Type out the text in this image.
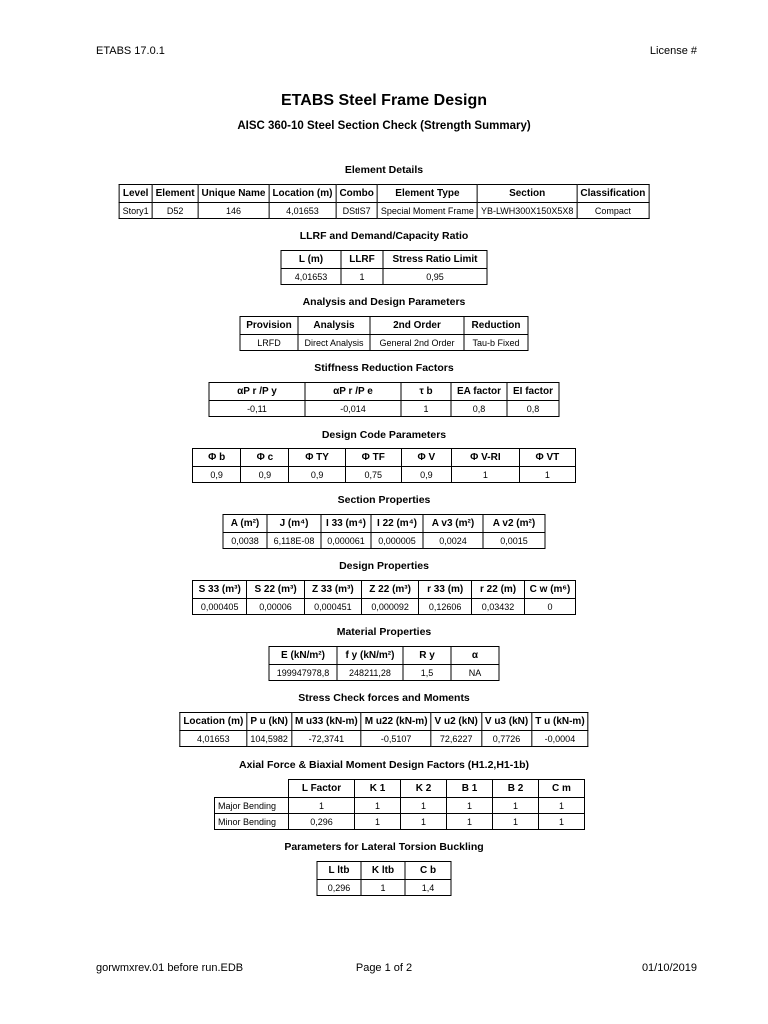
ETABS 17.0.1	License #
ETABS Steel Frame Design
AISC 360-10 Steel Section Check (Strength Summary)
Element Details
Level	Element	Unique Name	Location (m)	Combo	Element Type	Section	Classification
Story1	D52	146	4,01653	DStlS7	Special Moment Frame	YB-LWH300X150X5X8	Compact
LLRF and Demand/Capacity Ratio
L (m)	LLRF	Stress Ratio Limit
4,01653	1	0,95
Analysis and Design Parameters
Provision	Analysis	2nd Order	Reduction
LRFD	Direct Analysis	General 2nd Order	Tau-b Fixed
Stiffness Reduction Factors
αP r /P y	αP r /P e	τ b	EA factor	EI factor
-0,11	-0,014	1	0,8	0,8
Design Code Parameters
Φ b	Φ c	Φ TY	Φ TF	Φ V	Φ V-RI	Φ VT
0,9	0,9	0,9	0,75	0,9	1	1
Section Properties
A (m²)	J (m⁴)	I 33 (m⁴)	I 22 (m⁴)	A v3 (m²)	A v2 (m²)
0,0038	6,118E-08	0,000061	0,000005	0,0024	0,0015
Design Properties
S 33 (m³)	S 22 (m³)	Z 33 (m³)	Z 22 (m³)	r 33 (m)	r 22 (m)	C w (m⁶)
0,000405	0,00006	0,000451	0,000092	0,12606	0,03432	0
Material Properties
E (kN/m²)	f y (kN/m²)	R y	α
199947978,8	248211,28	1,5	NA
Stress Check forces and Moments
Location (m)	P u (kN)	M u33 (kN-m)	M u22 (kN-m)	V u2 (kN)	V u3 (kN)	T u (kN-m)
4,01653	104,5982	-72,3741	-0,5107	72,6227	0,7726	-0,0004
Axial Force & Biaxial Moment Design Factors (H1.2,H1-1b)
	L Factor	K 1	K 2	B 1	B 2	C m
Major Bending	1	1	1	1	1	1
Minor Bending	0,296	1	1	1	1	1
Parameters for Lateral Torsion Buckling
L ltb	K ltb	C b
0,296	1	1,4
gorwmxrev.01 before run.EDB	Page 1 of 2	01/10/2019
